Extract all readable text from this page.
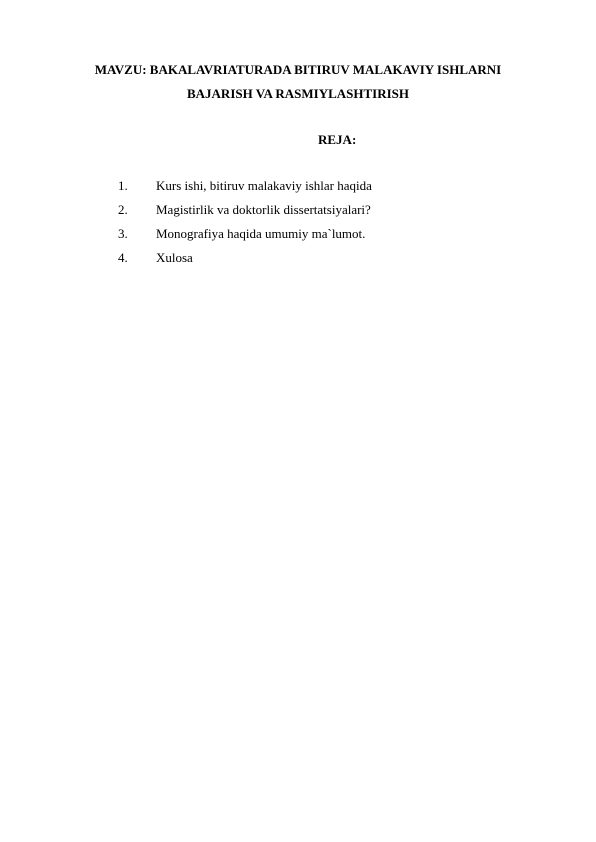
MAVZU: BAKALAVRIATURADA BITIRUV MALAKAVIY ISHLARNI
BAJARISH VA RASMIYLASHTIRISH
REJA:
1. Kurs ishi, bitiruv malakaviy ishlar haqida
2. Magistirlik va doktorlik dissertatsiyalari?
3. Monografiya haqida umumiy ma`lumot.
4. Xulosa
